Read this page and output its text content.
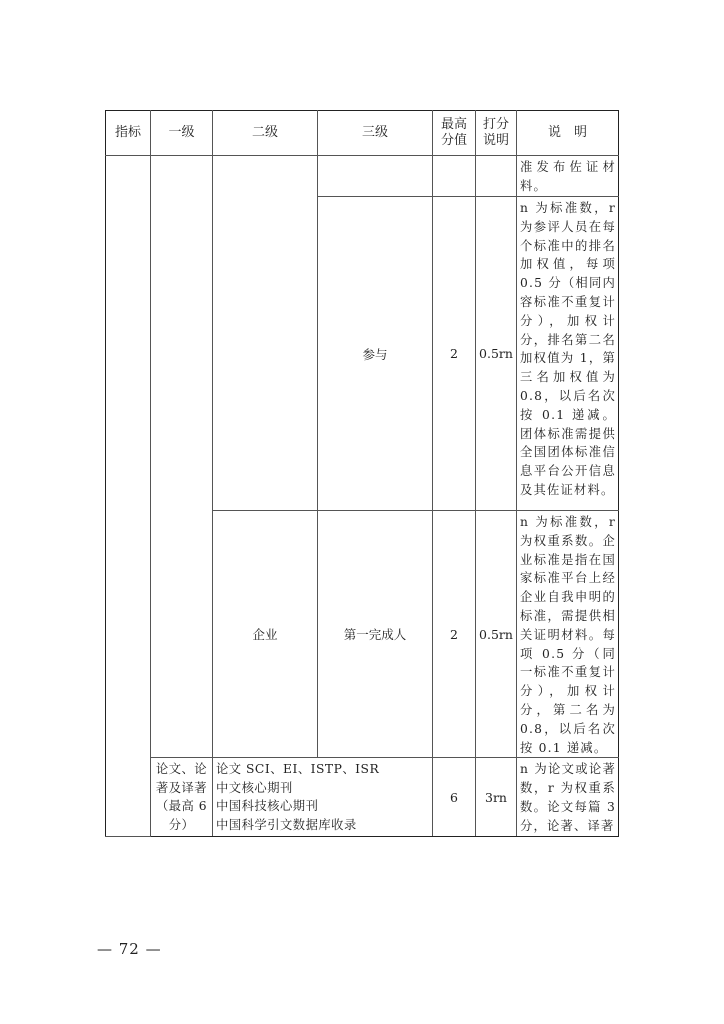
指标	一级	二级	三级	最高分值	打分说明	说　明
						准发布佐证材料。
			参与	2	0.5rn	n 为标准数，r 为参评人员在每个标准中的排名加权值，每项 0.5 分（相同内容标准不重复计分），加权计分，排名第二名加权值为 1，第三名加权值为 0.8，以后名次按 0.1 递减。团体标准需提供全国团体标准信息平台公开信息及其佐证材料。
		企业	第一完成人	2	0.5rn	n 为标准数，r 为权重系数。企业标准是指在国家标准平台上经企业自我申明的标准，需提供相关证明材料。每项 0.5 分（同一标准不重复计分），加权计分，第二名为 0.8，以后名次按 0.1 递减。
	论文、论著及译著（最高 6 分）	论文 SCI、EI、ISTP、ISR
中文核心期刊
中国科技核心期刊
中国科学引文数据库收录		6	3rn	n 为论文或论著数，r 为权重系数。论文每篇 3 分，论著、译著
— 72 —
